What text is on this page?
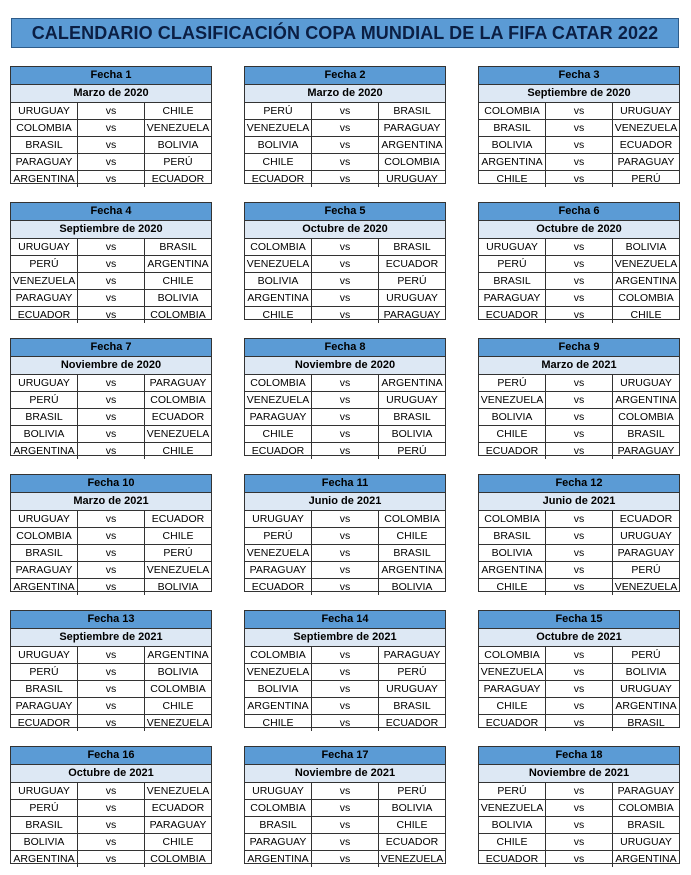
CALENDARIO CLASIFICACIÓN COPA MUNDIAL DE LA FIFA CATAR 2022
Fecha 1
Marzo de 2020
URUGUAY	vs	CHILE
COLOMBIA	vs	VENEZUELA
BRASIL	vs	BOLIVIA
PARAGUAY	vs	PERÚ
ARGENTINA	vs	ECUADOR
Fecha 2
Marzo de 2020
PERÚ	vs	BRASIL
VENEZUELA	vs	PARAGUAY
BOLIVIA	vs	ARGENTINA
CHILE	vs	COLOMBIA
ECUADOR	vs	URUGUAY
Fecha 3
Septiembre de 2020
COLOMBIA	vs	URUGUAY
BRASIL	vs	VENEZUELA
BOLIVIA	vs	ECUADOR
ARGENTINA	vs	PARAGUAY
CHILE	vs	PERÚ
Fecha 4
Septiembre de 2020
URUGUAY	vs	BRASIL
PERÚ	vs	ARGENTINA
VENEZUELA	vs	CHILE
PARAGUAY	vs	BOLIVIA
ECUADOR	vs	COLOMBIA
Fecha 5
Octubre de 2020
COLOMBIA	vs	BRASIL
VENEZUELA	vs	ECUADOR
BOLIVIA	vs	PERÚ
ARGENTINA	vs	URUGUAY
CHILE	vs	PARAGUAY
Fecha 6
Octubre de 2020
URUGUAY	vs	BOLIVIA
PERÚ	vs	VENEZUELA
BRASIL	vs	ARGENTINA
PARAGUAY	vs	COLOMBIA
ECUADOR	vs	CHILE
Fecha 7
Noviembre de 2020
URUGUAY	vs	PARAGUAY
PERÚ	vs	COLOMBIA
BRASIL	vs	ECUADOR
BOLIVIA	vs	VENEZUELA
ARGENTINA	vs	CHILE
Fecha 8
Noviembre de 2020
COLOMBIA	vs	ARGENTINA
VENEZUELA	vs	URUGUAY
PARAGUAY	vs	BRASIL
CHILE	vs	BOLIVIA
ECUADOR	vs	PERÚ
Fecha 9
Marzo de 2021
PERÚ	vs	URUGUAY
VENEZUELA	vs	ARGENTINA
BOLIVIA	vs	COLOMBIA
CHILE	vs	BRASIL
ECUADOR	vs	PARAGUAY
Fecha 10
Marzo de 2021
URUGUAY	vs	ECUADOR
COLOMBIA	vs	CHILE
BRASIL	vs	PERÚ
PARAGUAY	vs	VENEZUELA
ARGENTINA	vs	BOLIVIA
Fecha 11
Junio de 2021
URUGUAY	vs	COLOMBIA
PERÚ	vs	CHILE
VENEZUELA	vs	BRASIL
PARAGUAY	vs	ARGENTINA
ECUADOR	vs	BOLIVIA
Fecha 12
Junio de 2021
COLOMBIA	vs	ECUADOR
BRASIL	vs	URUGUAY
BOLIVIA	vs	PARAGUAY
ARGENTINA	vs	PERÚ
CHILE	vs	VENEZUELA
Fecha 13
Septiembre de 2021
URUGUAY	vs	ARGENTINA
PERÚ	vs	BOLIVIA
BRASIL	vs	COLOMBIA
PARAGUAY	vs	CHILE
ECUADOR	vs	VENEZUELA
Fecha 14
Septiembre de 2021
COLOMBIA	vs	PARAGUAY
VENEZUELA	vs	PERÚ
BOLIVIA	vs	URUGUAY
ARGENTINA	vs	BRASIL
CHILE	vs	ECUADOR
Fecha 15
Octubre de 2021
COLOMBIA	vs	PERÚ
VENEZUELA	vs	BOLIVIA
PARAGUAY	vs	URUGUAY
CHILE	vs	ARGENTINA
ECUADOR	vs	BRASIL
Fecha 16
Octubre de 2021
URUGUAY	vs	VENEZUELA
PERÚ	vs	ECUADOR
BRASIL	vs	PARAGUAY
BOLIVIA	vs	CHILE
ARGENTINA	vs	COLOMBIA
Fecha 17
Noviembre de 2021
URUGUAY	vs	PERÚ
COLOMBIA	vs	BOLIVIA
BRASIL	vs	CHILE
PARAGUAY	vs	ECUADOR
ARGENTINA	vs	VENEZUELA
Fecha 18
Noviembre de 2021
PERÚ	vs	PARAGUAY
VENEZUELA	vs	COLOMBIA
BOLIVIA	vs	BRASIL
CHILE	vs	URUGUAY
ECUADOR	vs	ARGENTINA
